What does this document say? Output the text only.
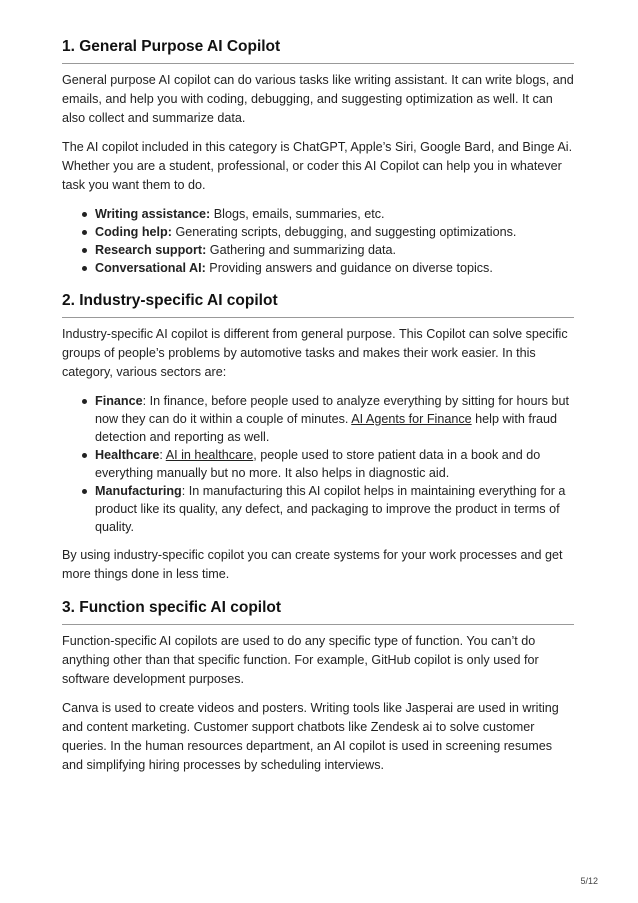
1. General Purpose AI Copilot

General purpose AI copilot can do various tasks like writing assistant. It can write blogs, and emails, and help you with coding, debugging, and suggesting optimization as well. It can also collect and summarize data.

The AI copilot included in this category is ChatGPT, Apple’s Siri, Google Bard, and Binge Ai. Whether you are a student, professional, or coder this AI Copilot can help you in whatever task you want them to do.

Writing assistance: Blogs, emails, summaries, etc.
Coding help: Generating scripts, debugging, and suggesting optimizations.
Research support: Gathering and summarizing data.
Conversational AI: Providing answers and guidance on diverse topics.
2. Industry-specific AI copilot

Industry-specific AI copilot is different from general purpose. This Copilot can solve specific groups of people’s problems by automotive tasks and makes their work easier. In this category, various sectors are:

Finance: In finance, before people used to analyze everything by sitting for hours but now they can do it within a couple of minutes. AI Agents for Finance help with fraud detection and reporting as well.
Healthcare: AI in healthcare, people used to store patient data in a book and do everything manually but no more. It also helps in diagnostic aid.
Manufacturing: In manufacturing this AI copilot helps in maintaining everything for a product like its quality, any defect, and packaging to improve the product in terms of quality.

By using industry-specific copilot you can create systems for your work processes and get more things done in less time.

3. Function specific AI copilot

Function-specific AI copilots are used to do any specific type of function. You can’t do anything other than that specific function. For example, GitHub copilot is only used for software development purposes.

Canva is used to create videos and posters. Writing tools like Jasperai are used in writing and content marketing. Customer support chatbots like Zendesk ai to solve customer queries. In the human resources department, an AI copilot is used in screening resumes and simplifying hiring processes by scheduling interviews.

5/12
